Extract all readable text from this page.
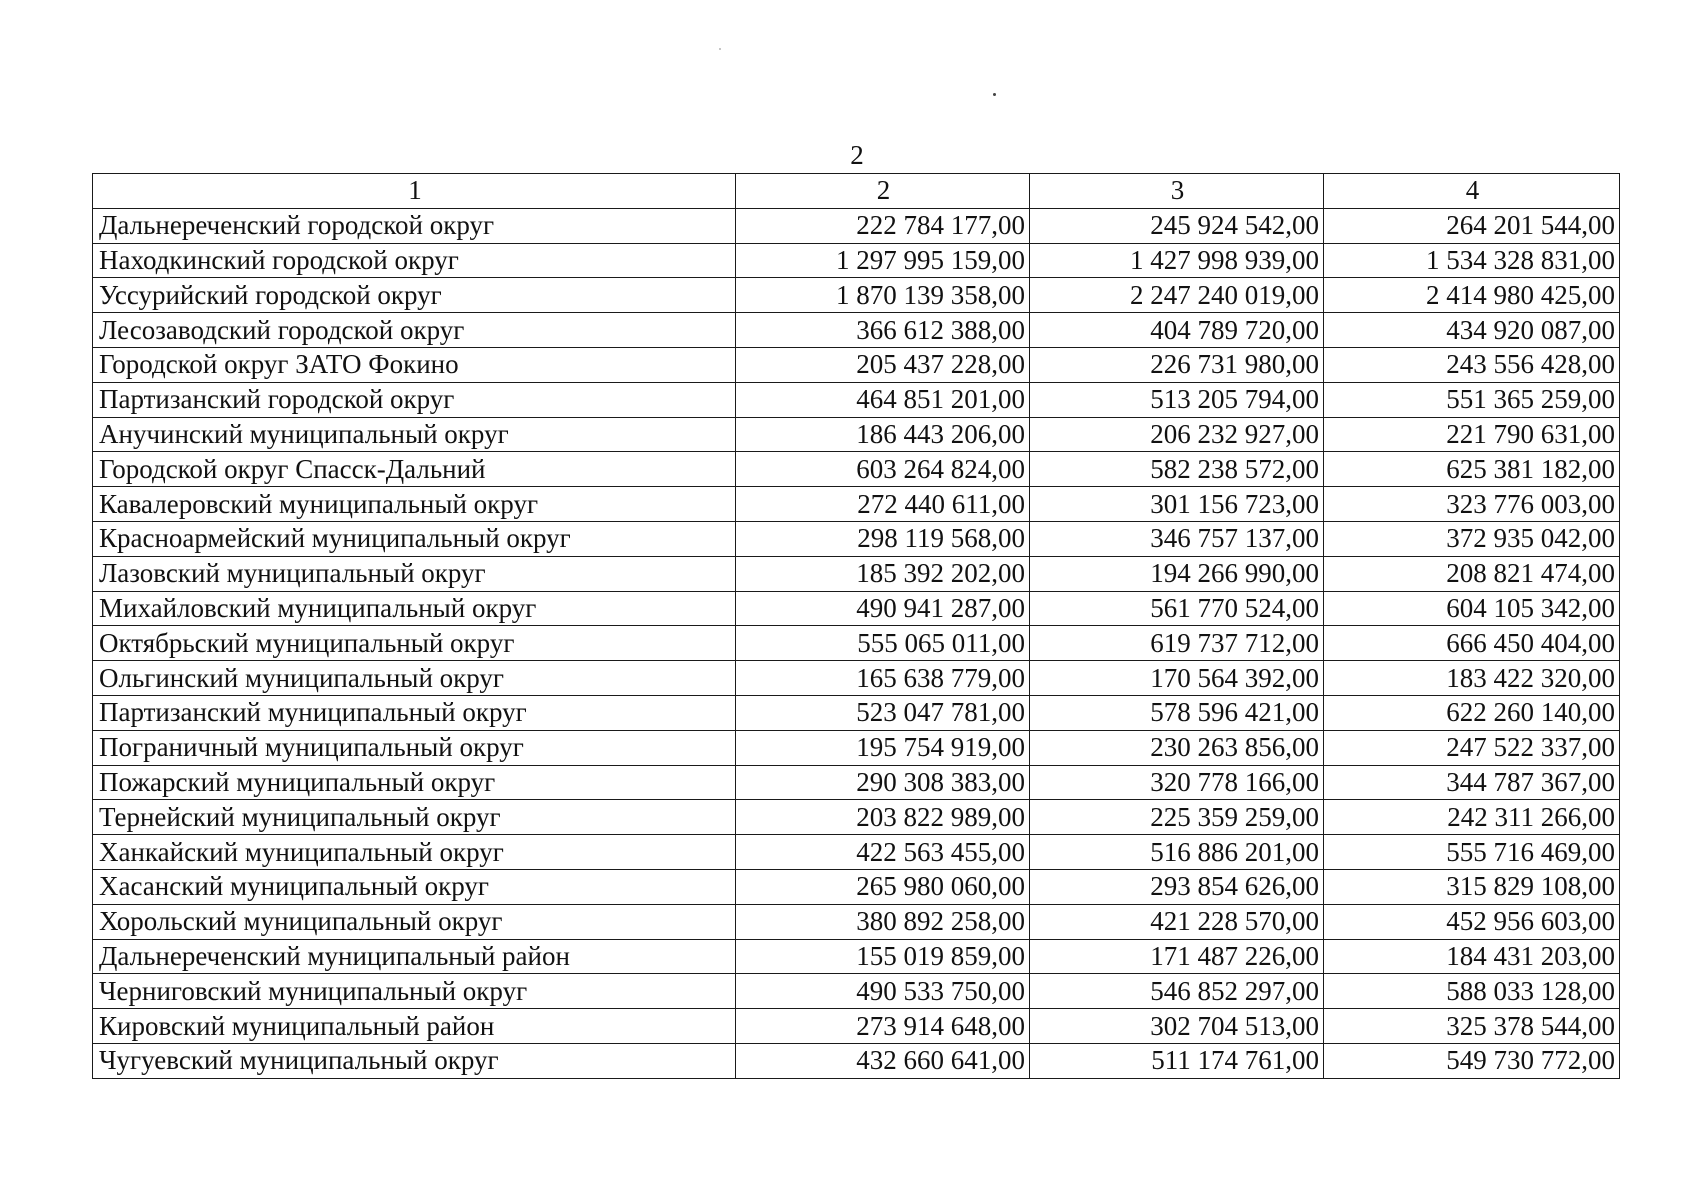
2
1	2	3	4
Дальнереченский городской округ	222 784 177,00	245 924 542,00	264 201 544,00
Находкинский городской округ	1 297 995 159,00	1 427 998 939,00	1 534 328 831,00
Уссурийский городской округ	1 870 139 358,00	2 247 240 019,00	2 414 980 425,00
Лесозаводский городской округ	366 612 388,00	404 789 720,00	434 920 087,00
Городской округ ЗАТО Фокино	205 437 228,00	226 731 980,00	243 556 428,00
Партизанский городской округ	464 851 201,00	513 205 794,00	551 365 259,00
Анучинский муниципальный округ	186 443 206,00	206 232 927,00	221 790 631,00
Городской округ Спасск-Дальний	603 264 824,00	582 238 572,00	625 381 182,00
Кавалеровский муниципальный округ	272 440 611,00	301 156 723,00	323 776 003,00
Красноармейский муниципальный округ	298 119 568,00	346 757 137,00	372 935 042,00
Лазовский муниципальный округ	185 392 202,00	194 266 990,00	208 821 474,00
Михайловский муниципальный округ	490 941 287,00	561 770 524,00	604 105 342,00
Октябрьский муниципальный округ	555 065 011,00	619 737 712,00	666 450 404,00
Ольгинский муниципальный округ	165 638 779,00	170 564 392,00	183 422 320,00
Партизанский муниципальный округ	523 047 781,00	578 596 421,00	622 260 140,00
Пограничный муниципальный округ	195 754 919,00	230 263 856,00	247 522 337,00
Пожарский муниципальный округ	290 308 383,00	320 778 166,00	344 787 367,00
Тернейский муниципальный округ	203 822 989,00	225 359 259,00	242 311 266,00
Ханкайский муниципальный округ	422 563 455,00	516 886 201,00	555 716 469,00
Хасанский муниципальный округ	265 980 060,00	293 854 626,00	315 829 108,00
Хорольский муниципальный округ	380 892 258,00	421 228 570,00	452 956 603,00
Дальнереченский муниципальный район	155 019 859,00	171 487 226,00	184 431 203,00
Черниговский муниципальный округ	490 533 750,00	546 852 297,00	588 033 128,00
Кировский муниципальный район	273 914 648,00	302 704 513,00	325 378 544,00
Чугуевский муниципальный округ	432 660 641,00	511 174 761,00	549 730 772,00
